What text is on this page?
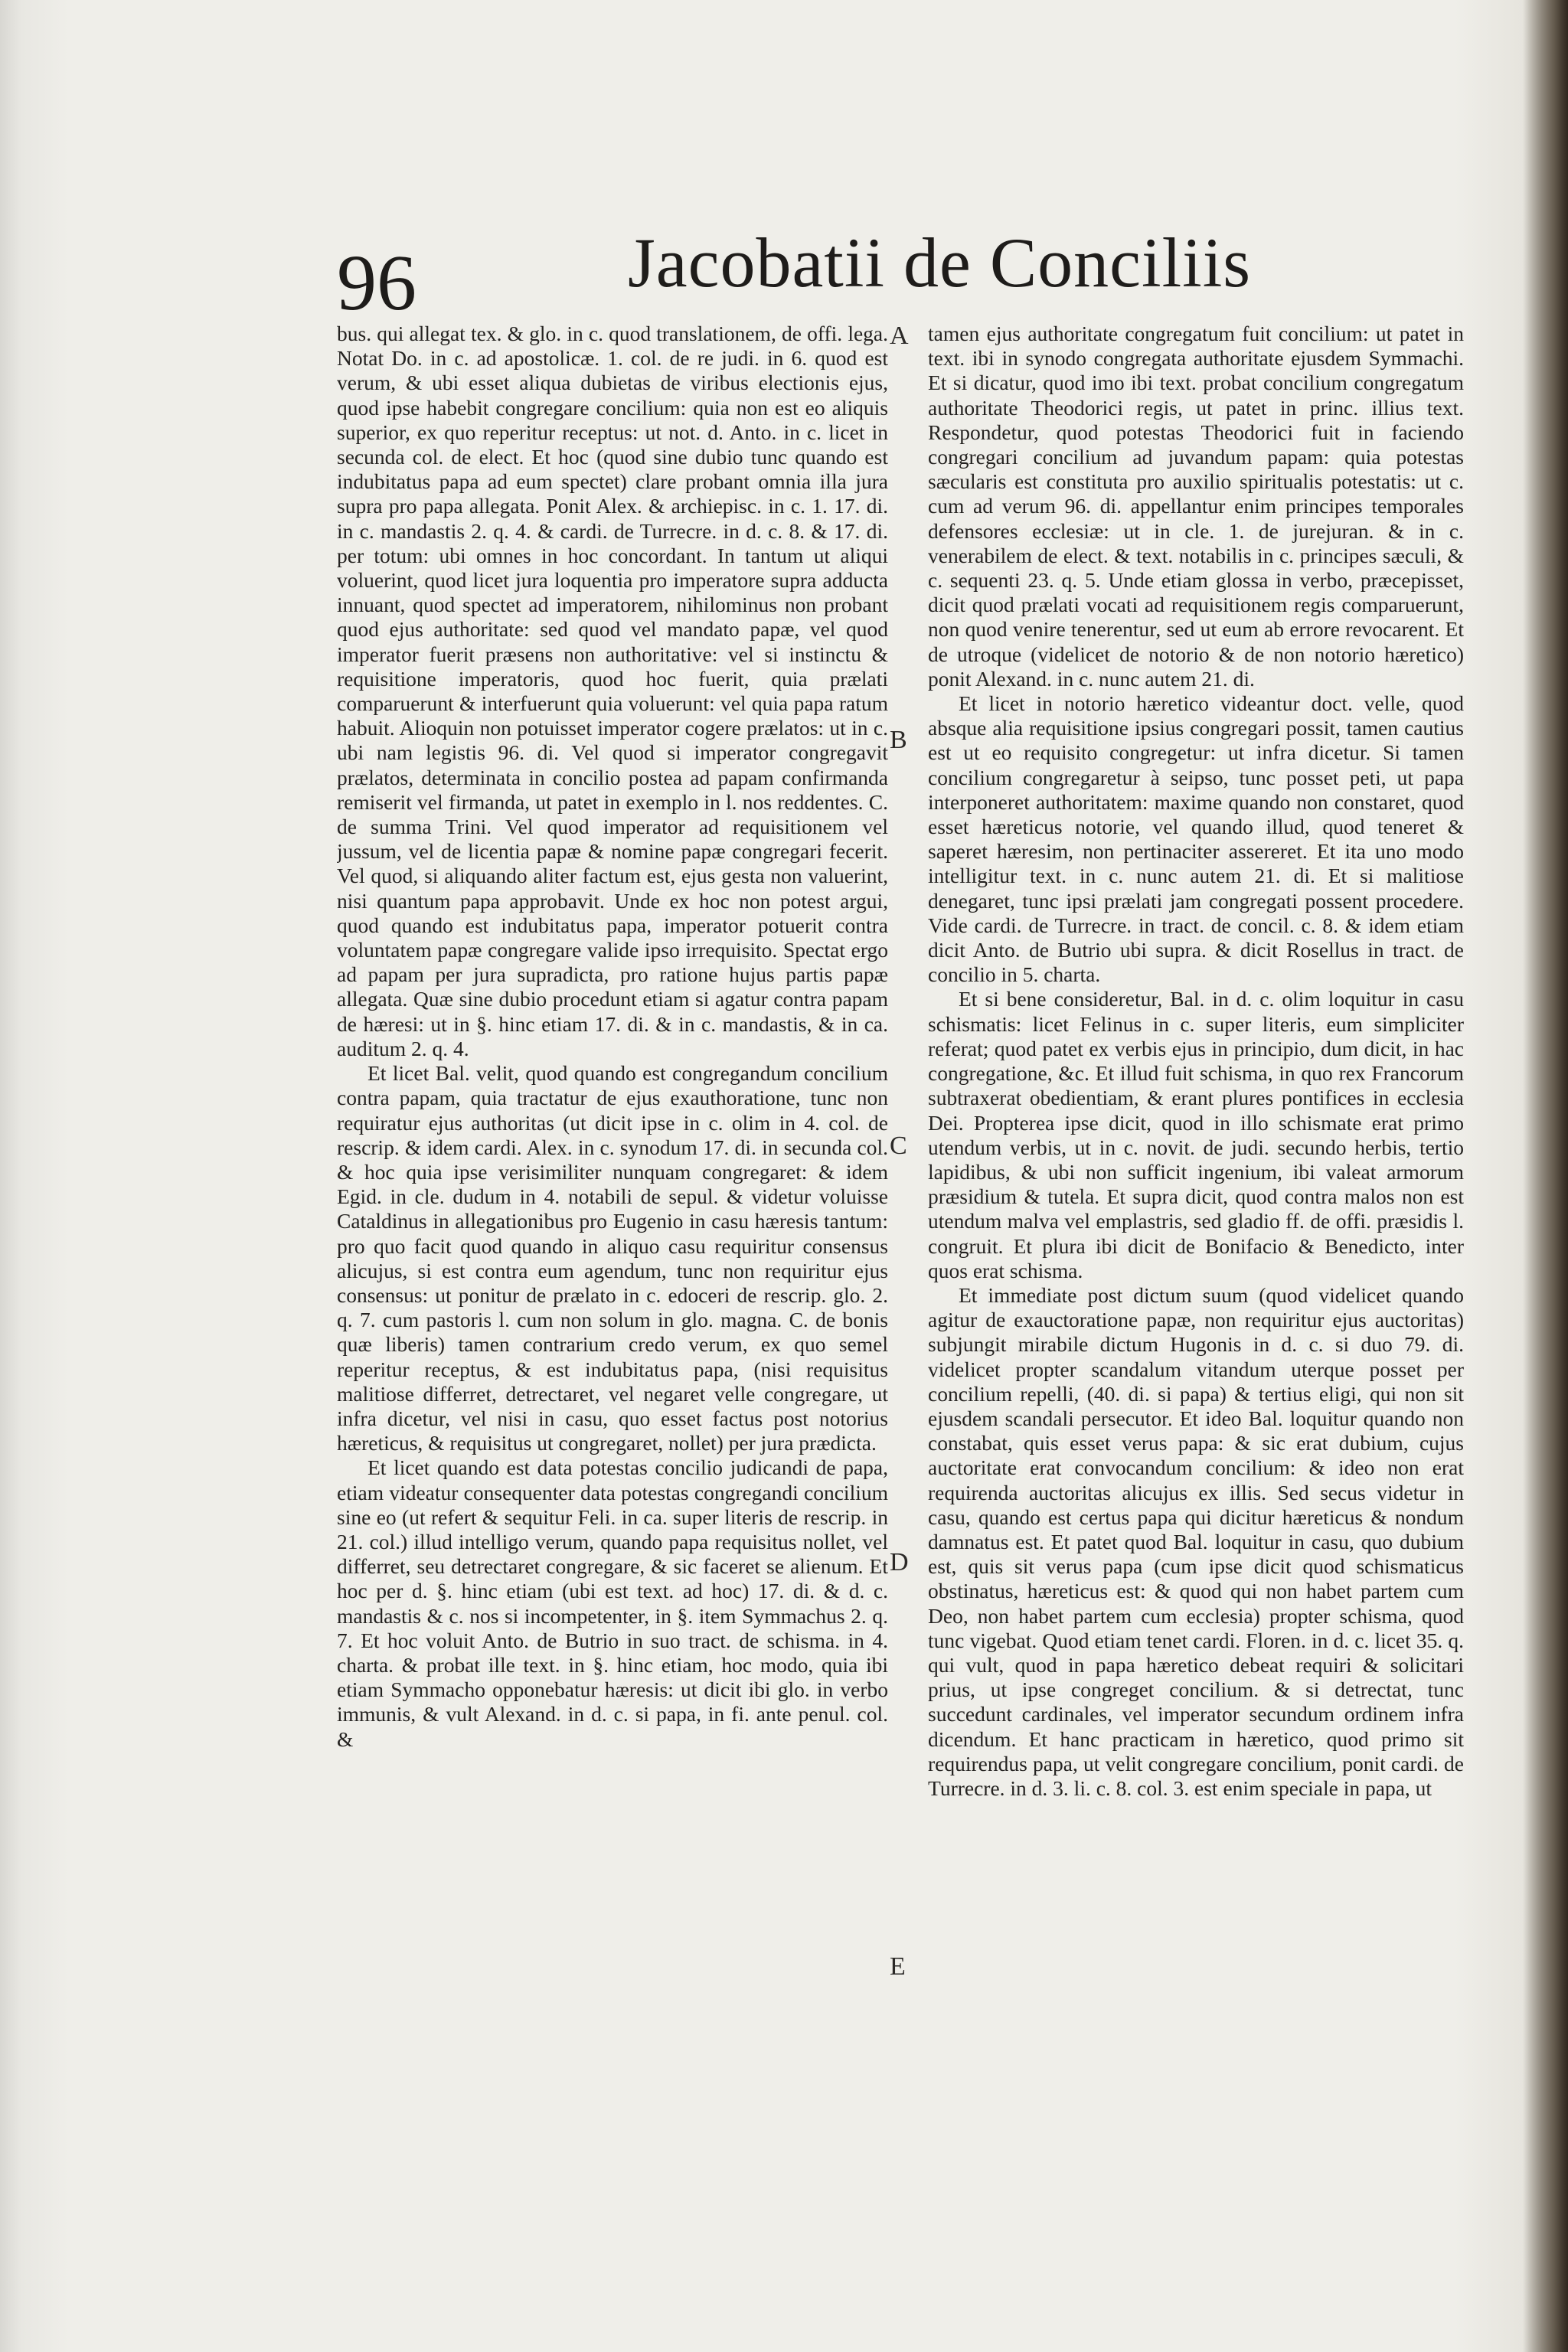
96	Jacobatii de Conciliis

bus. qui allegat tex. & glo. in c. quod translationem, de offi. lega. Notat Do. in c. ad apostolicæ. 1. col. de re judi. in 6. quod est verum, & ubi esset aliqua dubietas de viribus electionis ejus, quod ipse habebit congregare concilium: quia non est eo aliquis superior, ex quo reperitur receptus: ut not. d. Anto. in c. licet in secunda col. de elect. Et hoc (quod sine dubio tunc quando est indubitatus papa ad eum spectet) clare probant omnia illa jura supra pro papa allegata. Ponit Alex. & archiepisc. in c. 1. 17. di. in c. mandastis 2. q. 4. & cardi. de Turrecre. in d. c. 8. & 17. di. per totum: ubi omnes in hoc concordant. In tantum ut aliqui voluerint, quod licet jura loquentia pro imperatore supra adducta innuant, quod spectet ad imperatorem, nihilominus non probant quod ejus authoritate: sed quod vel mandato papæ, vel quod imperator fuerit præsens non authoritative: vel si instinctu & requisitione imperatoris, quod hoc fuerit, quia prælati comparuerunt & interfuerunt quia voluerunt: vel quia papa ratum habuit. Alioquin non potuisset imperator cogere prælatos: ut in c. ubi nam legistis 96. di. Vel quod si imperator congregavit prælatos, determinata in concilio postea ad papam confirmanda remiserit vel firmanda, ut patet in exemplo in l. nos reddentes. C. de summa Trini. Vel quod imperator ad requisitionem vel jussum, vel de licentia papæ & nomine papæ congregari fecerit. Vel quod, si aliquando aliter factum est, ejus gesta non valuerint, nisi quantum papa approbavit. Unde ex hoc non potest argui, quod quando est indubitatus papa, imperator potuerit contra voluntatem papæ congregare valide ipso irrequisito. Spectat ergo ad papam per jura supradicta, pro ratione hujus partis papæ allegata. Quæ sine dubio procedunt etiam si agatur contra papam de hæresi: ut in §. hinc etiam 17. di. & in c. mandastis, & in ca. auditum 2. q. 4.

Et licet Bal. velit, quod quando est congregandum concilium contra papam, quia tractatur de ejus exauthoratione, tunc non requiratur ejus authoritas (ut dicit ipse in c. olim in 4. col. de rescrip. & idem cardi. Alex. in c. synodum 17. di. in secunda col. & hoc quia ipse verisimiliter nunquam congregaret: & idem Egid. in cle. dudum in 4. notabili de sepul. & videtur voluisse Cataldinus in allegationibus pro Eugenio in casu hæresis tantum: pro quo facit quod quando in aliquo casu requiritur consensus alicujus, si est contra eum agendum, tunc non requiritur ejus consensus: ut ponitur de prælato in c. edoceri de rescrip. glo. 2. q. 7. cum pastoris l. cum non solum in glo. magna. C. de bonis quæ liberis) tamen contrarium credo verum, ex quo semel reperitur receptus, & est indubitatus papa, (nisi requisitus malitiose differret, detrectaret, vel negaret velle congregare, ut infra dicetur, vel nisi in casu, quo esset factus post notorius hæreticus, & requisitus ut congregaret, nollet) per jura prædicta.

Et licet quando est data potestas concilio judicandi de papa, etiam videatur consequenter data potestas congregandi concilium sine eo (ut refert & sequitur Feli. in ca. super literis de rescrip. in 21. col.) illud intelligo verum, quando papa requisitus nollet, vel differret, seu detrectaret congregare, & sic faceret se alienum. Et hoc per d. §. hinc etiam (ubi est text. ad hoc) 17. di. & d. c. mandastis & c. nos si incompetenter, in §. item Symmachus 2. q. 7. Et hoc voluit Anto. de Butrio in suo tract. de schisma. in 4. charta. & probat ille text. in §. hinc etiam, hoc modo, quia ibi etiam Symmacho opponebatur hæresis: ut dicit ibi glo. in verbo immunis, & vult Alexand. in d. c. si papa, in fi. ante penul. col. &

A
B
C
D
E

tamen ejus authoritate congregatum fuit concilium: ut patet in text. ibi in synodo congregata authoritate ejusdem Symmachi. Et si dicatur, quod imo ibi text. probat concilium congregatum authoritate Theodorici regis, ut patet in princ. illius text. Respondetur, quod potestas Theodorici fuit in faciendo congregari concilium ad juvandum papam: quia potestas sæcularis est constituta pro auxilio spiritualis potestatis: ut c. cum ad verum 96. di. appellantur enim principes temporales defensores ecclesiæ: ut in cle. 1. de jurejuran. & in c. venerabilem de elect. & text. notabilis in c. principes sæculi, & c. sequenti 23. q. 5. Unde etiam glossa in verbo, præcepisset, dicit quod prælati vocati ad requisitionem regis comparuerunt, non quod venire tenerentur, sed ut eum ab errore revocarent. Et de utroque (videlicet de notorio & de non notorio hæretico) ponit Alexand. in c. nunc autem 21. di.

Et licet in notorio hæretico videantur doct. velle, quod absque alia requisitione ipsius congregari possit, tamen cautius est ut eo requisito congregetur: ut infra dicetur. Si tamen concilium congregaretur à seipso, tunc posset peti, ut papa interponeret authoritatem: maxime quando non constaret, quod esset hæreticus notorie, vel quando illud, quod teneret & saperet hæresim, non pertinaciter assereret. Et ita uno modo intelligitur text. in c. nunc autem 21. di. Et si malitiose denegaret, tunc ipsi prælati jam congregati possent procedere. Vide cardi. de Turrecre. in tract. de concil. c. 8. & idem etiam dicit Anto. de Butrio ubi supra. & dicit Rosellus in tract. de concilio in 5. charta.

Et si bene consideretur, Bal. in d. c. olim loquitur in casu schismatis: licet Felinus in c. super literis, eum simpliciter referat; quod patet ex verbis ejus in principio, dum dicit, in hac congregatione, &c. Et illud fuit schisma, in quo rex Francorum subtraxerat obedientiam, & erant plures pontifices in ecclesia Dei. Propterea ipse dicit, quod in illo schismate erat primo utendum verbis, ut in c. novit. de judi. secundo herbis, tertio lapidibus, & ubi non sufficit ingenium, ibi valeat armorum præsidium & tutela. Et supra dicit, quod contra malos non est utendum malva vel emplastris, sed gladio ff. de offi. præsidis l. congruit. Et plura ibi dicit de Bonifacio & Benedicto, inter quos erat schisma.

Et immediate post dictum suum (quod videlicet quando agitur de exauctoratione papæ, non requiritur ejus auctoritas) subjungit mirabile dictum Hugonis in d. c. si duo 79. di. videlicet propter scandalum vitandum uterque posset per concilium repelli, (40. di. si papa) & tertius eligi, qui non sit ejusdem scandali persecutor. Et ideo Bal. loquitur quando non constabat, quis esset verus papa: & sic erat dubium, cujus auctoritate erat convocandum concilium: & ideo non erat requirenda auctoritas alicujus ex illis. Sed secus videtur in casu, quando est certus papa qui dicitur hæreticus & nondum damnatus est. Et patet quod Bal. loquitur in casu, quo dubium est, quis sit verus papa (cum ipse dicit quod schismaticus obstinatus, hæreticus est: & quod qui non habet partem cum Deo, non habet partem cum ecclesia) propter schisma, quod tunc vigebat. Quod etiam tenet cardi. Floren. in d. c. licet 35. q. qui vult, quod in papa hæretico debeat requiri & solicitari prius, ut ipse congreget concilium. & si detrectat, tunc succedunt cardinales, vel imperator secundum ordinem infra dicendum. Et hanc practicam in hæretico, quod primo sit requirendus papa, ut velit congregare concilium, ponit cardi. de Turrecre. in d. 3. li. c. 8. col. 3. est enim speciale in papa, ut
